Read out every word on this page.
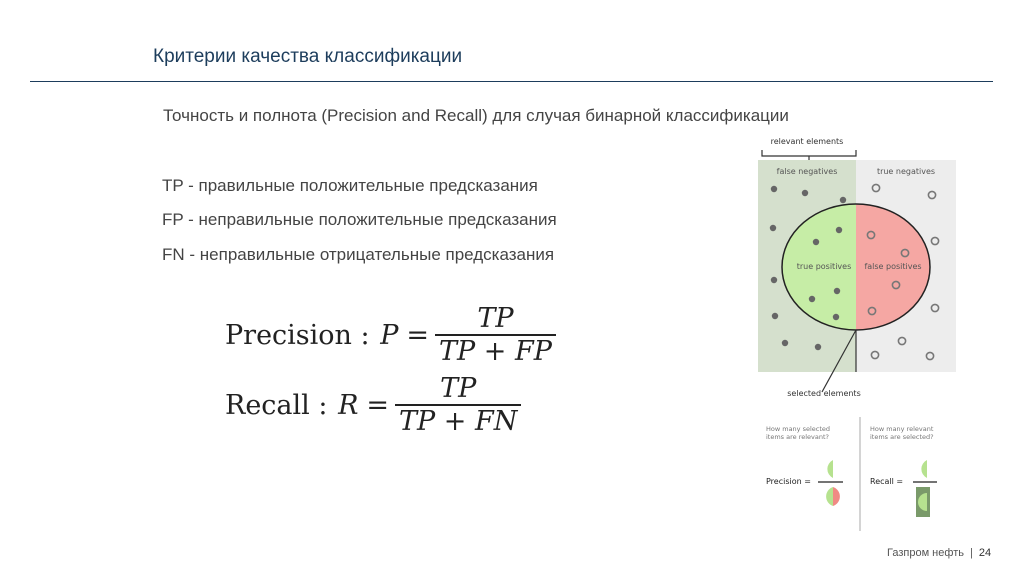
Критерии качества классификации
Точность и полнота (Precision and Recall) для случая бинарной классификации
TP - правильные положительные предсказания
FP - неправильные положительные предсказания
FN - неправильные отрицательные предсказания
Precision : $P = \frac{TP}{TP + FP}$
Recall : $R = \frac{TP}{TP + FN}$
relevant elements
false negatives	true negatives
true positives false positives
selected elements
How many selected
items are relevant?
How many relevant
items are selected?
Precision =	Recall =
Газпром нефть | 24
